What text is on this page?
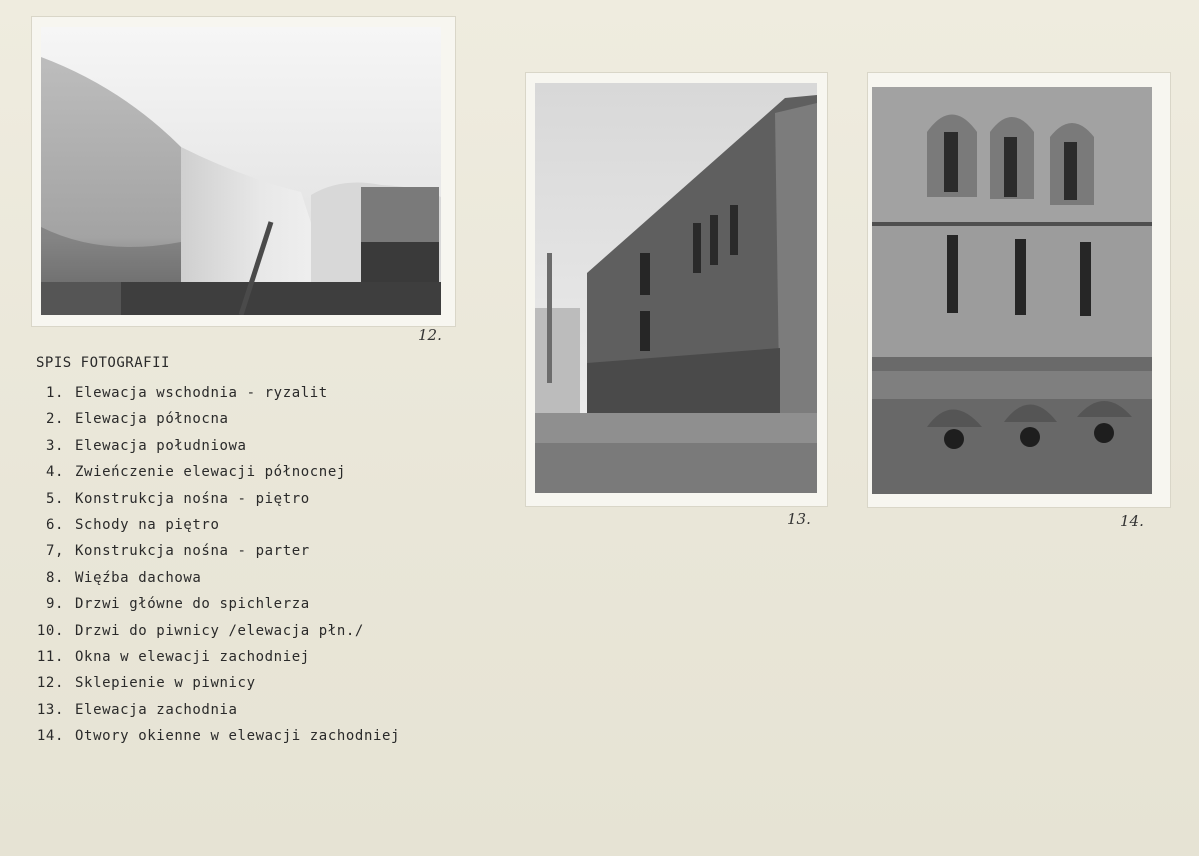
12.
13.	14.
SPIS FOTOGRAFII
1. Elewacja wschodnia - ryzalit
2. Elewacja północna
3. Elewacja południowa
4. Zwieńczenie elewacji północnej
5. Konstrukcja nośna - piętro
6. Schody na piętro
7, Konstrukcja nośna - parter
8. Więźba dachowa
9. Drzwi główne do spichlerza
10. Drzwi do piwnicy /elewacja płn./
11. Okna w elewacji zachodniej
12. Sklepienie w piwnicy
13. Elewacja zachodnia
14. Otwory okienne w elewacji zachodniej
